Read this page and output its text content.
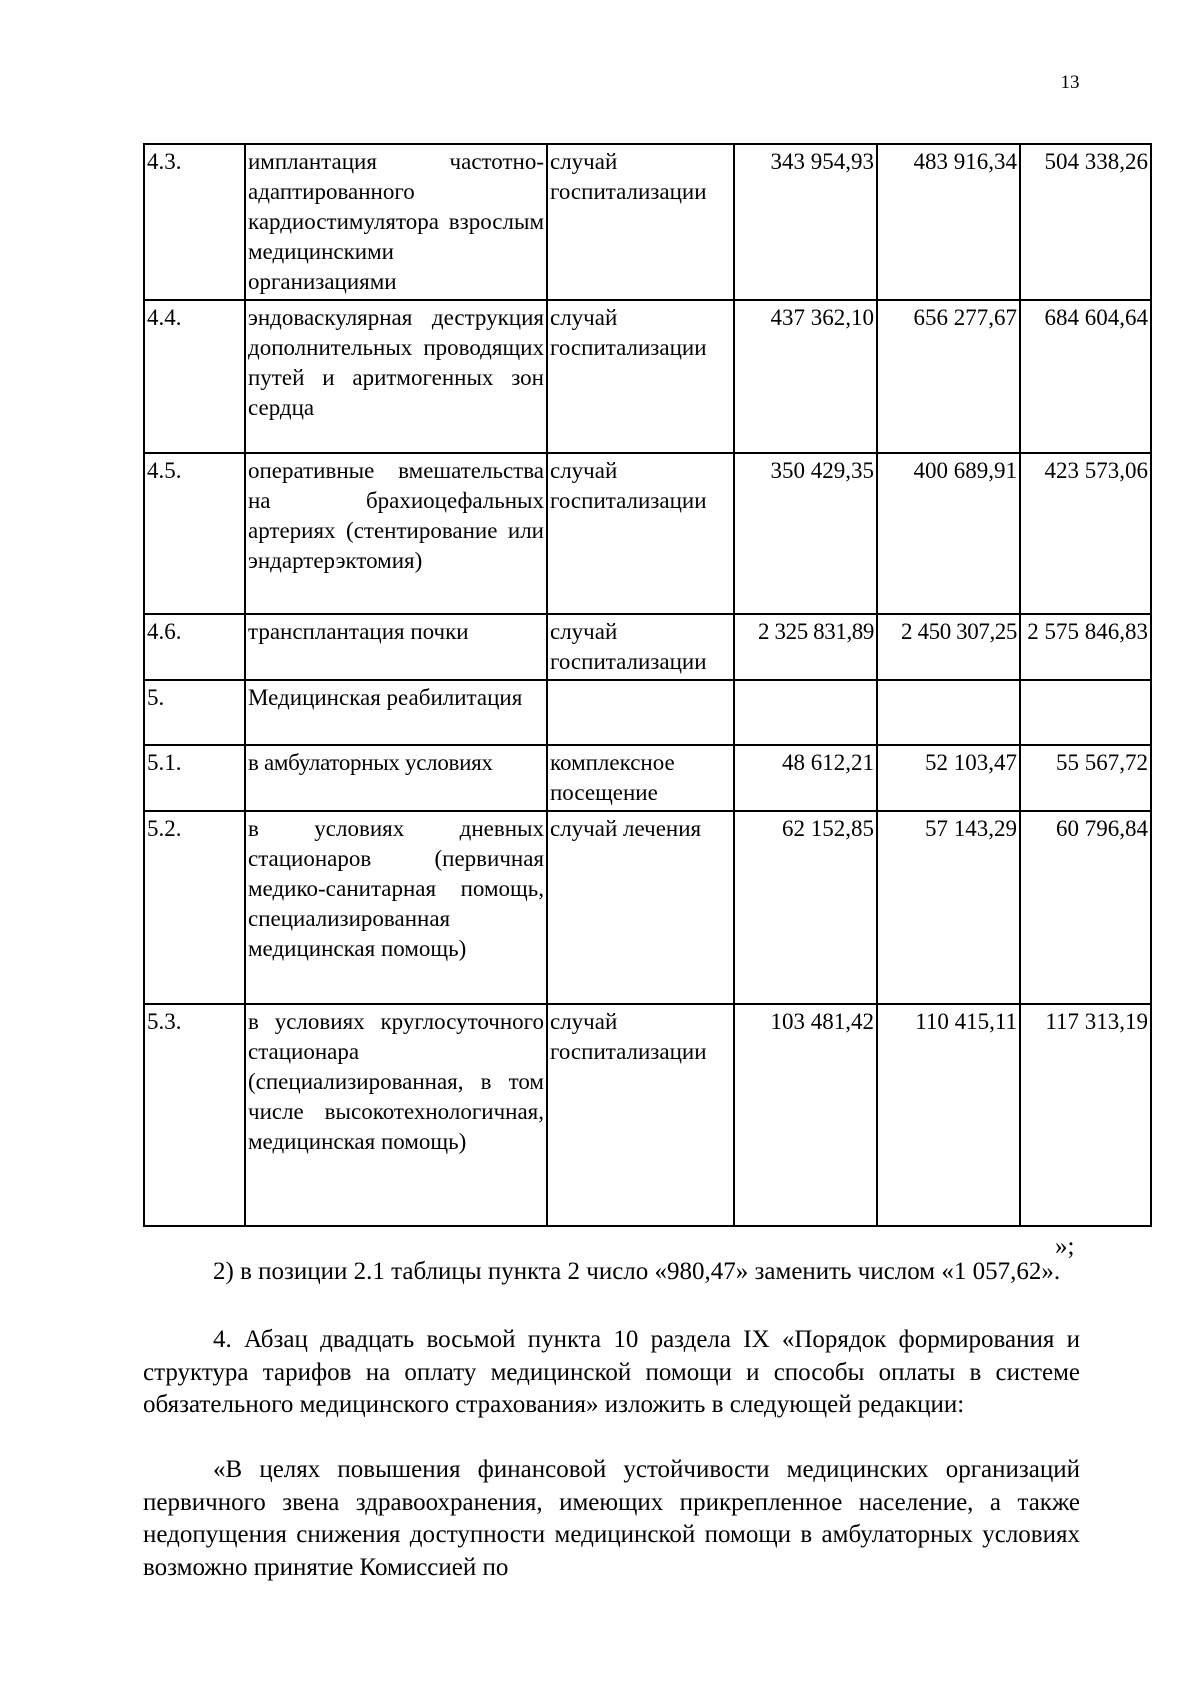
13
4.3.	имплантация частотно-адаптированного кардиостимулятора взрослым медицинскими организациями	случай госпитализации	343 954,93	483 916,34	504 338,26
4.4.	эндоваскулярная деструкция дополнительных проводящих путей и аритмогенных зон сердца	случай госпитализации	437 362,10	656 277,67	684 604,64
4.5.	оперативные вмешательства на брахиоцефальных артериях (стентирование или эндартерэктомия)	случай госпитализации	350 429,35	400 689,91	423 573,06
4.6.	трансплантация почки	случай госпитализации	2 325 831,89	2 450 307,25	2 575 846,83
5.	Медицинская реабилитация				
5.1.	в амбулаторных условиях	комплексное посещение	48 612,21	52 103,47	55 567,72
5.2.	в условиях дневных стационаров (первичная медико-санитарная помощь, специализированная медицинская помощь)	случай лечения	62 152,85	57 143,29	60 796,84
5.3.	в условиях круглосуточного стационара (специализированная, в том числе высокотехнологичная, медицинская помощь)	случай госпитализации	103 481,42	110 415,11	117 313,19
»;

2) в позиции 2.1 таблицы пункта 2 число «980,47» заменить числом «1 057,62».

4. Абзац двадцать восьмой пункта 10 раздела IX «Порядок формирования и структура тарифов на оплату медицинской помощи и способы оплаты в системе обязательного медицинского страхования» изложить в следующей редакции:

«В целях повышения финансовой устойчивости медицинских организаций первичного звена здравоохранения, имеющих прикрепленное население, а также недопущения снижения доступности медицинской помощи в амбулаторных условиях возможно принятие Комиссией по
